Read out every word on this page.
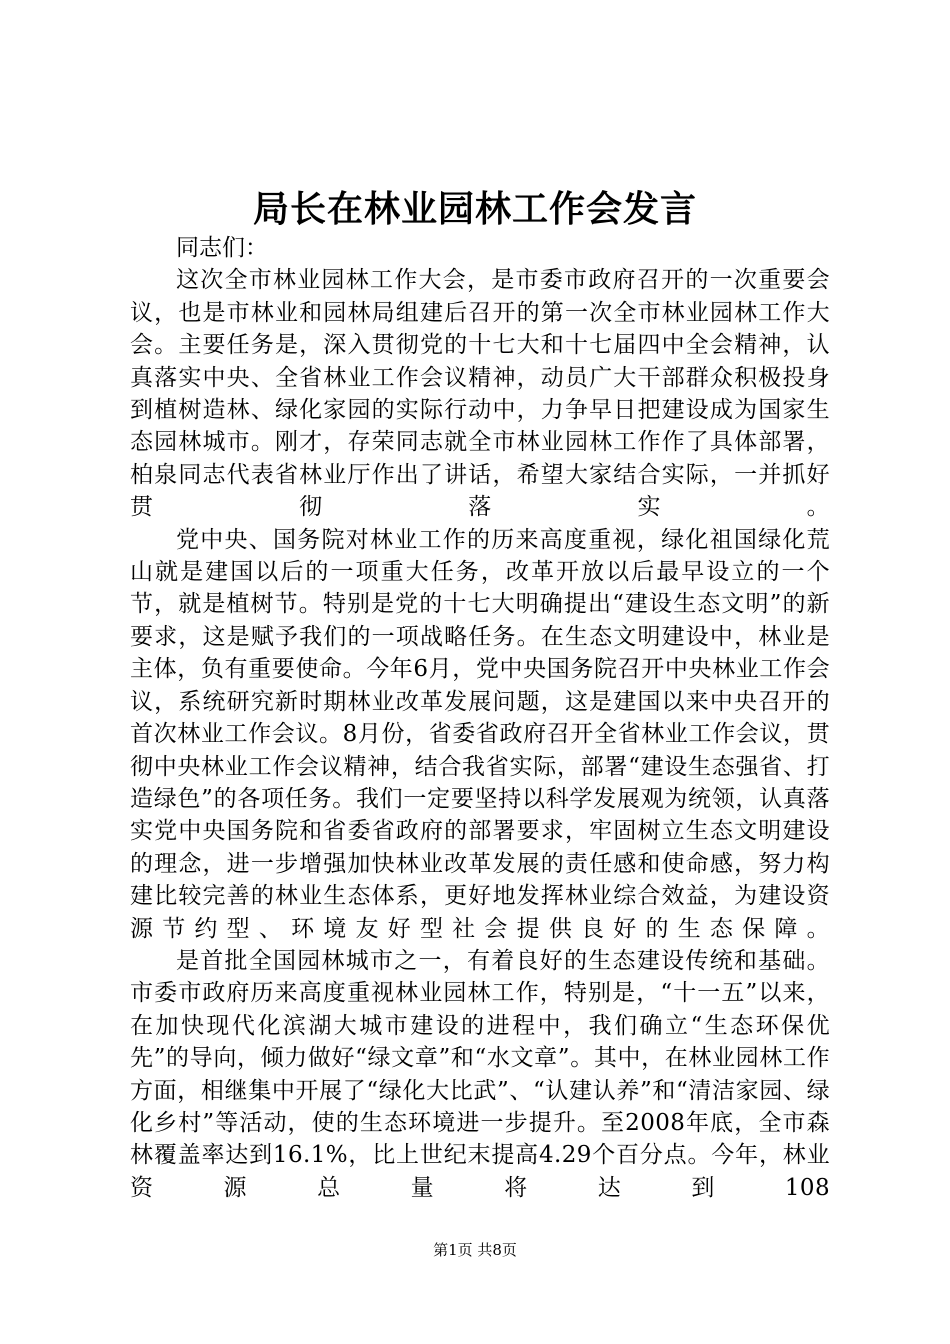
局长在林业园林工作会发言

同志们：

这次全市林业园林工作大会，是市委市政府召开的一次重要会议，也是市林业和园林局组建后召开的第一次全市林业园林工作大会。主要任务是，深入贯彻党的十七大和十七届四中全会精神，认真落实中央、全省林业工作会议精神，动员广大干部群众积极投身到植树造林、绿化家园的实际行动中，力争早日把建设成为国家生态园林城市。刚才，存荣同志就全市林业园林工作作了具体部署，柏泉同志代表省林业厅作出了讲话，希望大家结合实际，一并抓好贯彻落实。

党中央、国务院对林业工作的历来高度重视，绿化祖国绿化荒山就是建国以后的一项重大任务，改革开放以后最早设立的一个节，就是植树节。特别是党的十七大明确提出“建设生态文明”的新要求，这是赋予我们的一项战略任务。在生态文明建设中，林业是主体，负有重要使命。今年6月，党中央国务院召开中央林业工作会议，系统研究新时期林业改革发展问题，这是建国以来中央召开的首次林业工作会议。8月份，省委省政府召开全省林业工作会议，贯彻中央林业工作会议精神，结合我省实际，部署“建设生态强省、打造绿色”的各项任务。我们一定要坚持以科学发展观为统领，认真落实党中央国务院和省委省政府的部署要求，牢固树立生态文明建设的理念，进一步增强加快林业改革发展的责任感和使命感，努力构建比较完善的林业生态体系，更好地发挥林业综合效益，为建设资源节约型、环境友好型社会提供良好的生态保障。

是首批全国园林城市之一，有着良好的生态建设传统和基础。市委市政府历来高度重视林业园林工作，特别是，“十一五”以来，在加快现代化滨湖大城市建设的进程中，我们确立“生态环保优先”的导向，倾力做好“绿文章”和“水文章”。其中，在林业园林工作方面，相继集中开展了“绿化大比武”、“认建认养”和“清洁家园、绿化乡村”等活动，使的生态环境进一步提升。至2008年底，全市森林覆盖率达到16.1%，比上世纪末提高4.29个百分点。今年，林业资源总量将达到108

第1页 共8页
